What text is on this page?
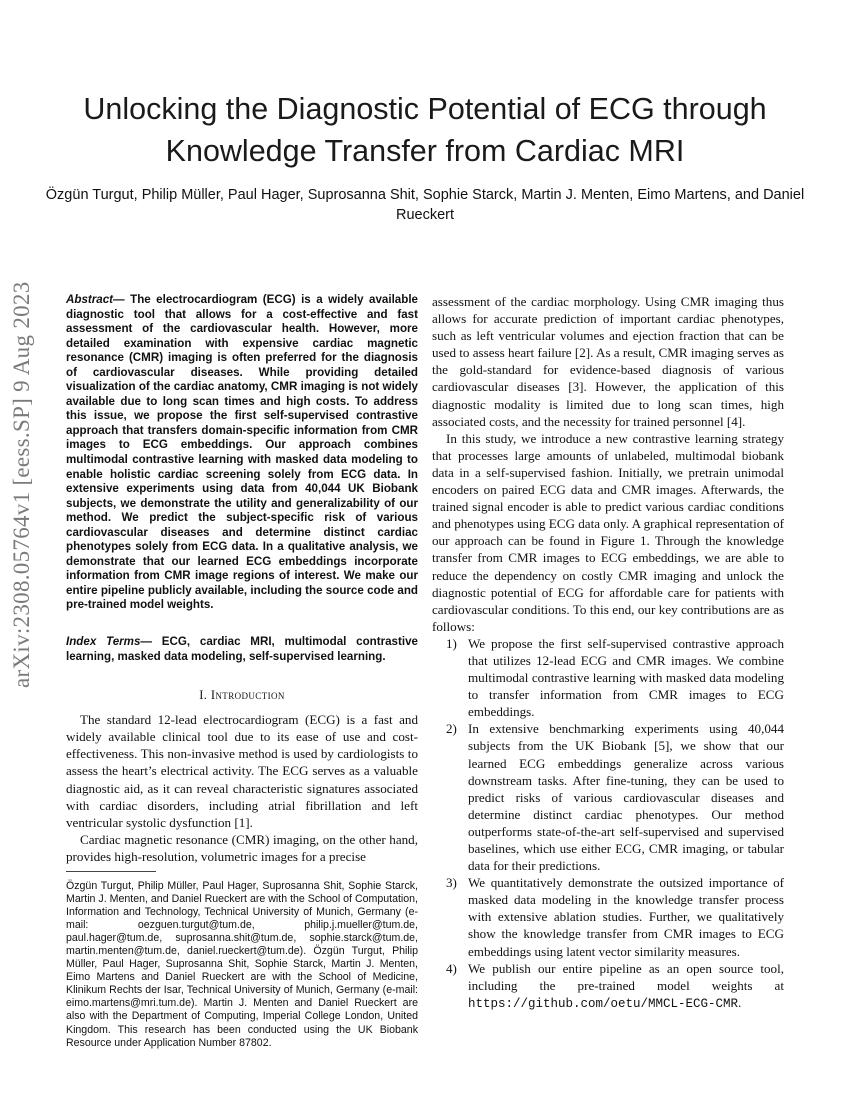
Unlocking the Diagnostic Potential of ECG through Knowledge Transfer from Cardiac MRI
Özgün Turgut, Philip Müller, Paul Hager, Suprosanna Shit, Sophie Starck, Martin J. Menten, Eimo Martens, and Daniel Rueckert
arXiv:2308.05764v1 [eess.SP] 9 Aug 2023	Abstract— The electrocardiogram (ECG) is a widely available diagnostic tool that allows for a cost-effective and fast assessment of the cardiovascular health. However, more detailed examination with expensive cardiac magnetic resonance (CMR) imaging is often preferred for the diagnosis of cardiovascular diseases. While providing detailed visualization of the cardiac anatomy, CMR imaging is not widely available due to long scan times and high costs. To address this issue, we propose the first self-supervised contrastive approach that transfers domain-specific information from CMR images to ECG embeddings. Our approach combines multimodal contrastive learning with masked data modeling to enable holistic cardiac screening solely from ECG data. In extensive experiments using data from 40,044 UK Biobank subjects, we demonstrate the utility and generalizability of our method. We predict the subject-specific risk of various cardiovascular diseases and determine distinct cardiac phenotypes solely from ECG data. In a qualitative analysis, we demonstrate that our learned ECG embeddings incorporate information from CMR image regions of interest. We make our entire pipeline publicly available, including the source code and pre-trained model weights.

Index Terms— ECG, cardiac MRI, multimodal contrastive learning, masked data modeling, self-supervised learning.

I. Introduction

The standard 12-lead electrocardiogram (ECG) is a fast and widely available clinical tool due to its ease of use and cost-effectiveness. This non-invasive method is used by cardiologists to assess the heart’s electrical activity. The ECG serves as a valuable diagnostic aid, as it can reveal characteristic signatures associated with cardiac disorders, including atrial fibrillation and left ventricular systolic dysfunction [1].

Cardiac magnetic resonance (CMR) imaging, on the other hand, provides high-resolution, volumetric images for a precise

Özgün Turgut, Philip Müller, Paul Hager, Suprosanna Shit, Sophie Starck, Martin J. Menten, and Daniel Rueckert are with the School of Computation, Information and Technology, Technical University of Munich, Germany (e-mail: oezguen.turgut@tum.de, philip.j.mueller@tum.de, paul.hager@tum.de, suprosanna.shit@tum.de, sophie.starck@tum.de, martin.menten@tum.de, daniel.rueckert@tum.de). Özgün Turgut, Philip Müller, Paul Hager, Suprosanna Shit, Sophie Starck, Martin J. Menten, Eimo Martens and Daniel Rueckert are with the School of Medicine, Klinikum Rechts der Isar, Technical University of Munich, Germany (e-mail: eimo.martens@mri.tum.de). Martin J. Menten and Daniel Rueckert are also with the Department of Computing, Imperial College London, United Kingdom. This research has been conducted using the UK Biobank Resource under Application Number 87802.

assessment of the cardiac morphology. Using CMR imaging thus allows for accurate prediction of important cardiac phenotypes, such as left ventricular volumes and ejection fraction that can be used to assess heart failure [2]. As a result, CMR imaging serves as the gold-standard for evidence-based diagnosis of various cardiovascular diseases [3]. However, the application of this diagnostic modality is limited due to long scan times, high associated costs, and the necessity for trained personnel [4].

In this study, we introduce a new contrastive learning strategy that processes large amounts of unlabeled, multimodal biobank data in a self-supervised fashion. Initially, we pretrain unimodal encoders on paired ECG data and CMR images. Afterwards, the trained signal encoder is able to predict various cardiac conditions and phenotypes using ECG data only. A graphical representation of our approach can be found in Figure 1. Through the knowledge transfer from CMR images to ECG embeddings, we are able to reduce the dependency on costly CMR imaging and unlock the diagnostic potential of ECG for affordable care for patients with cardiovascular conditions. To this end, our key contributions are as follows:

1) We propose the first self-supervised contrastive approach that utilizes 12-lead ECG and CMR images. We combine multimodal contrastive learning with masked data modeling to transfer information from CMR images to ECG embeddings.
2) In extensive benchmarking experiments using 40,044 subjects from the UK Biobank [5], we show that our learned ECG embeddings generalize across various downstream tasks. After fine-tuning, they can be used to predict risks of various cardiovascular diseases and determine distinct cardiac phenotypes. Our method outperforms state-of-the-art self-supervised and supervised baselines, which use either ECG, CMR imaging, or tabular data for their predictions.
3) We quantitatively demonstrate the outsized importance of masked data modeling in the knowledge transfer process with extensive ablation studies. Further, we qualitatively show the knowledge transfer from CMR images to ECG embeddings using latent vector similarity measures.
4) We publish our entire pipeline as an open source tool, including the pre-trained model weights at https://github.com/oetu/MMCL-ECG-CMR.
